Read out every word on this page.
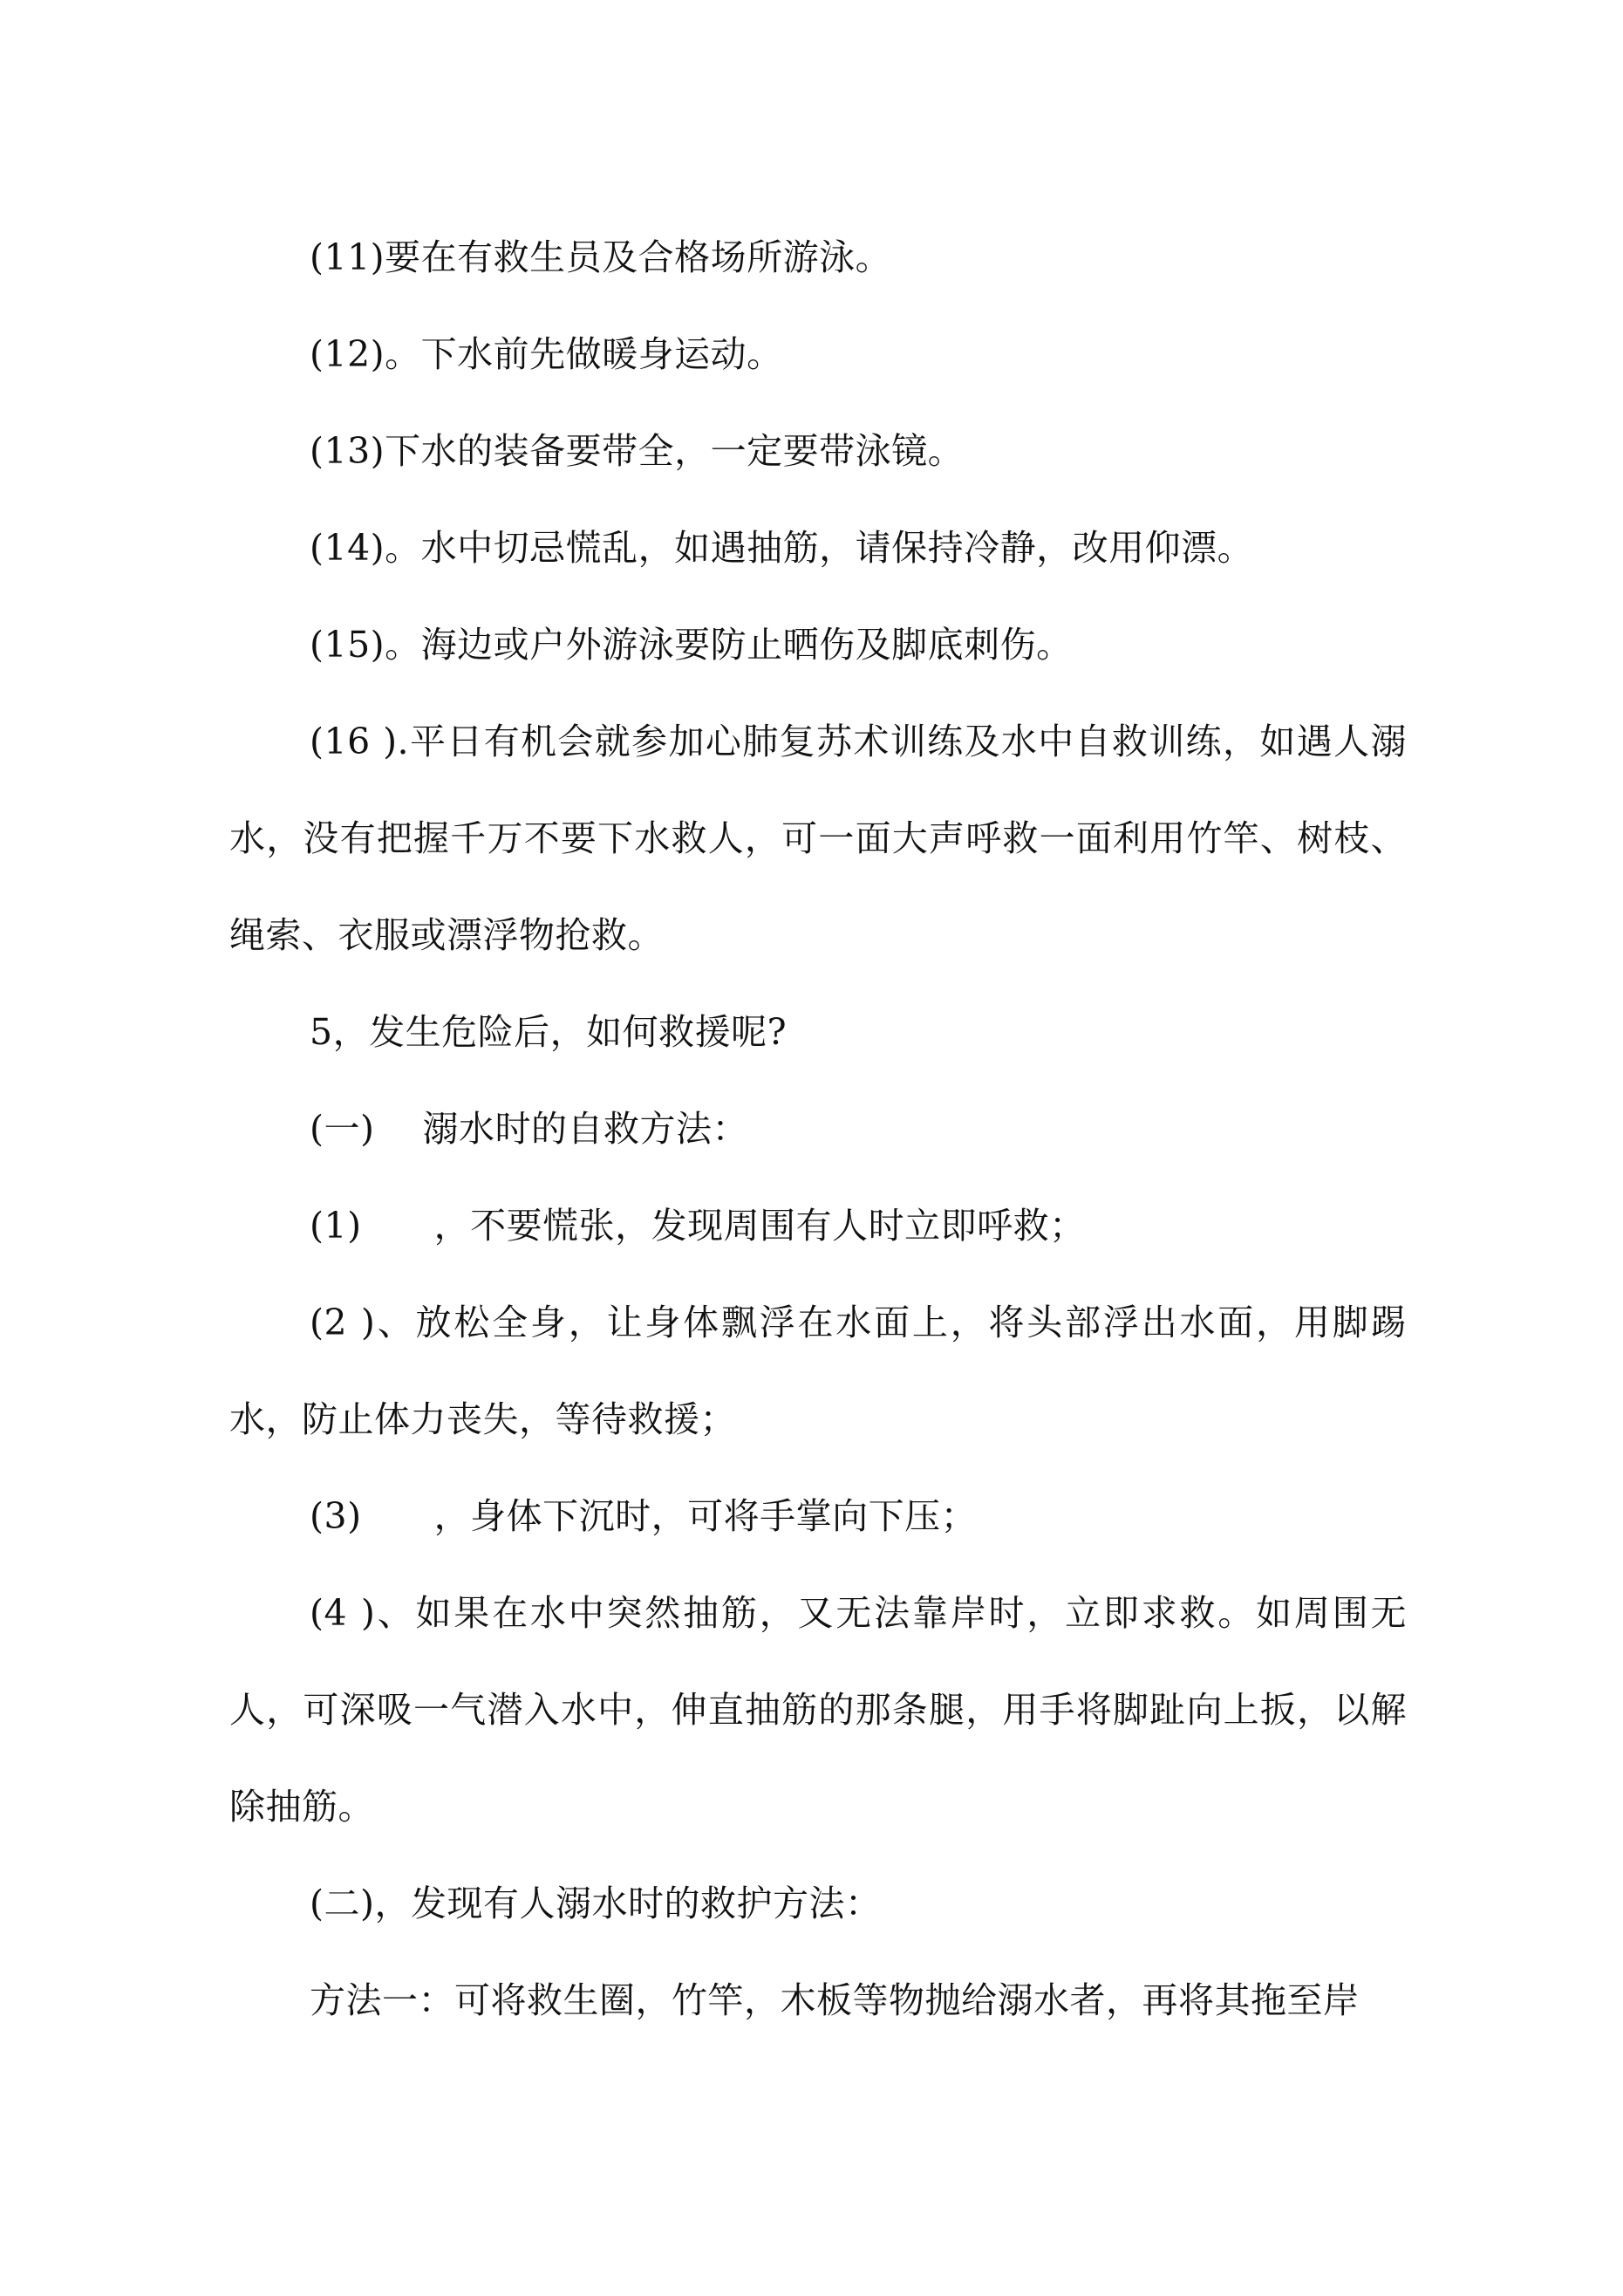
(11)要在有救生员及合格场所游泳。

(12)。下水前先做暖身运动。

(13)下水的装备要带全，一定要带泳镜。

(14)。水中切忌慌乱，如遇抽筋，请保持冷静，改用仰漂。

(15)。海边或户外游泳要防止晒伤及脚底刺伤。

(16 ).平日有机会就参加心肺复苏术训练及水中自救训练，如遇人溺水，没有把握千万不要下水救人，可一面大声呼救一面利用竹竿、树枝、绳索、衣服或漂浮物抢救。

5，发生危险后，如何救援呢?

(一)　 溺水时的自救方法：

(1)　　，不要慌张，发现周围有人时立即呼救；

(2 )、放松全身，让身体飘浮在水面上，将头部浮出水面，用脚踢水，防止体力丧失，等待救援；

(3)　　，身体下沉时，可将手掌向下压；

(4 )、如果在水中突然抽筋，又无法靠岸时，立即求救。如周围无人，可深吸一气潜入水中，伸直抽筋的那条腿，用手将脚趾向上扳，以解除抽筋。

(二)，发现有人溺水时的救护方法：

方法一：可将救生圈，竹竿，木板等物抛给溺水者，再将其拖至岸
